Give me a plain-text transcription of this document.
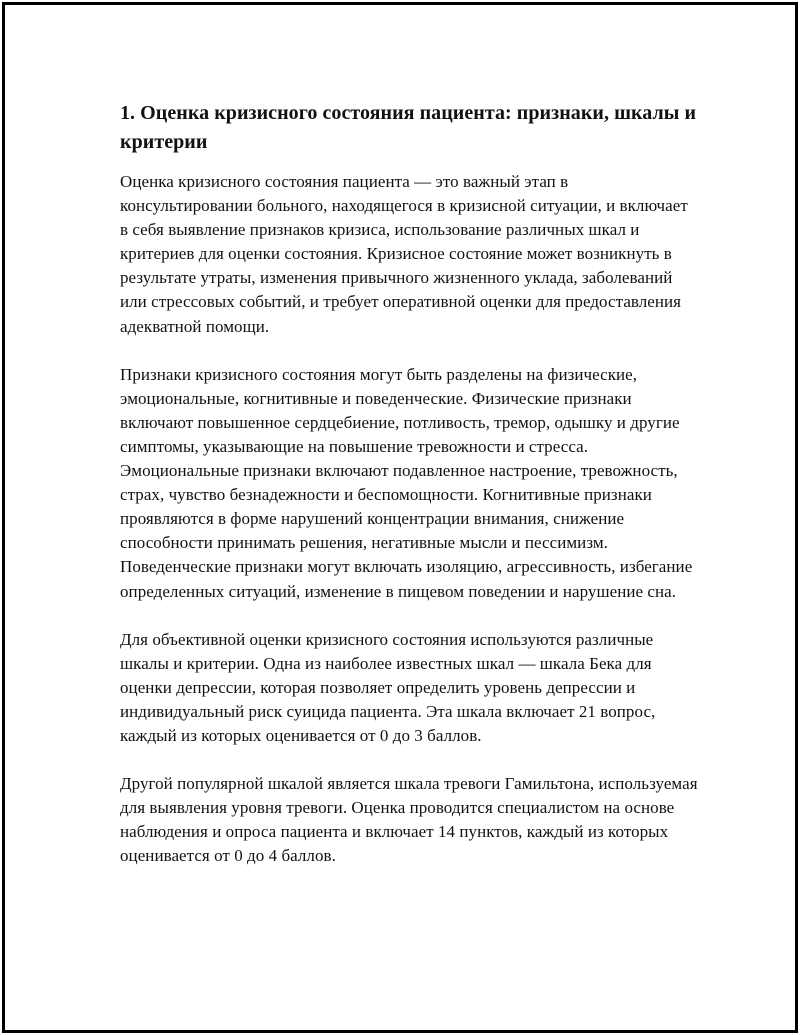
1. Оценка кризисного состояния пациента: признаки, шкалы и критерии

Оценка кризисного состояния пациента — это важный этап в консультировании больного, находящегося в кризисной ситуации, и включает в себя выявление признаков кризиса, использование различных шкал и критериев для оценки состояния. Кризисное состояние может возникнуть в результате утраты, изменения привычного жизненного уклада, заболеваний или стрессовых событий, и требует оперативной оценки для предоставления адекватной помощи.

Признаки кризисного состояния могут быть разделены на физические, эмоциональные, когнитивные и поведенческие. Физические признаки включают повышенное сердцебиение, потливость, тремор, одышку и другие симптомы, указывающие на повышение тревожности и стресса. Эмоциональные признаки включают подавленное настроение, тревожность, страх, чувство безнадежности и беспомощности. Когнитивные признаки проявляются в форме нарушений концентрации внимания, снижение способности принимать решения, негативные мысли и пессимизм. Поведенческие признаки могут включать изоляцию, агрессивность, избегание определенных ситуаций, изменение в пищевом поведении и нарушение сна.

Для объективной оценки кризисного состояния используются различные шкалы и критерии. Одна из наиболее известных шкал — шкала Бека для оценки депрессии, которая позволяет определить уровень депрессии и индивидуальный риск суицида пациента. Эта шкала включает 21 вопрос, каждый из которых оценивается от 0 до 3 баллов.

Другой популярной шкалой является шкала тревоги Гамильтона, используемая для выявления уровня тревоги. Оценка проводится специалистом на основе наблюдения и опроса пациента и включает 14 пунктов, каждый из которых оценивается от 0 до 4 баллов.
